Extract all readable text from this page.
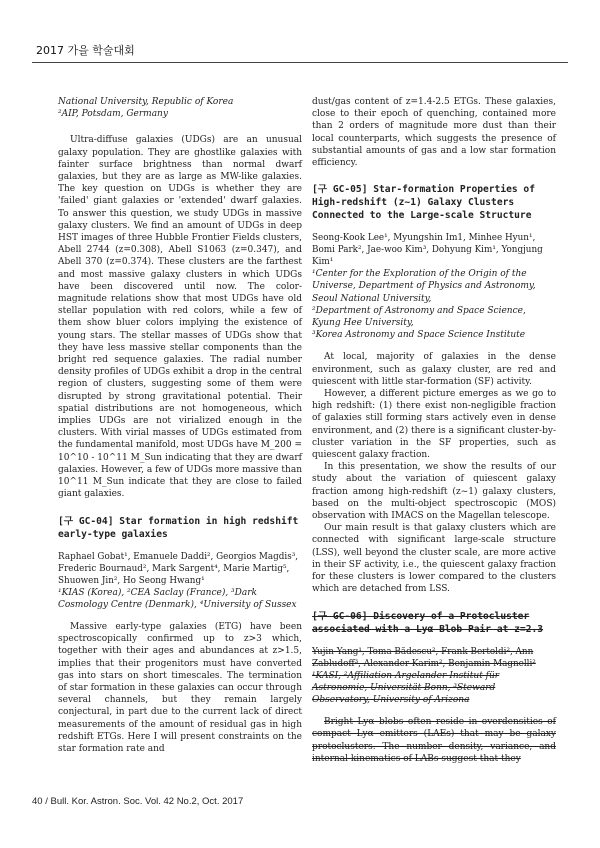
2017 가을 학술대회

National University, Republic of Korea

²AIP, Potsdam, Germany

Ultra-diffuse galaxies (UDGs) are an unusual galaxy population. They are ghostlike galaxies with fainter surface brightness than normal dwarf galaxies, but they are as large as MW-like galaxies. The key question on UDGs is whether they are 'failed' giant galaxies or 'extended' dwarf galaxies. To answer this question, we study UDGs in massive galaxy clusters. We find an amount of UDGs in deep HST images of three Hubble Frontier Fields clusters, Abell 2744 (z=0.308), Abell S1063 (z=0.347), and Abell 370 (z=0.374). These clusters are the farthest and most massive galaxy clusters in which UDGs have been discovered until now. The color-magnitude relations show that most UDGs have old stellar population with red colors, while a few of them show bluer colors implying the existence of young stars. The stellar masses of UDGs show that they have less massive stellar components than the bright red sequence galaxies. The radial number density profiles of UDGs exhibit a drop in the central region of clusters, suggesting some of them were disrupted by strong gravitational potential. Their spatial distributions are not homogeneous, which implies UDGs are not virialized enough in the clusters. With virial masses of UDGs estimated from the fundamental manifold, most UDGs have M_200 = 10^10 - 10^11 M_Sun indicating that they are dwarf galaxies. However, a few of UDGs more massive than 10^11 M_Sun indicate that they are close to failed giant galaxies.

[구 GC-04] Star formation in high redshift early-type galaxies

Raphael Gobat¹, Emanuele Daddi², Georgios Magdis³, Frederic Bournaud², Mark Sargent⁴, Marie Martig⁵, Shuowen Jin², Ho Seong Hwang¹

¹KIAS (Korea), ²CEA Saclay (France), ³Dark Cosmology Centre (Denmark), ⁴University of Sussex

Massive early-type galaxies (ETG) have been spectroscopically confirmed up to z>3 which, together with their ages and abundances at z>1.5, implies that their progenitors must have converted gas into stars on short timescales. The termination of star formation in these galaxies can occur through several channels, but they remain largely conjectural, in part due to the current lack of direct measurements of the amount of residual gas in high redshift ETGs. Here I will present constraints on the star formation rate and

dust/gas content of z=1.4-2.5 ETGs. These galaxies, close to their epoch of quenching, contained more than 2 orders of magnitude more dust than their local counterparts, which suggests the presence of substantial amounts of gas and a low star formation efficiency.

[구 GC-05] Star-formation Properties of High-redshift (z~1) Galaxy Clusters Connected to the Large-scale Structure

Seong-Kook Lee¹, Myungshin Im1, Minhee Hyun¹, Bomi Park², Jae-woo Kim³, Dohyung Kim¹, Yongjung Kim¹

¹Center for the Exploration of the Origin of the Universe, Department of Physics and Astronomy, Seoul National University,

²Department of Astronomy and Space Science, Kyung Hee University,

³Korea Astronomy and Space Science Institute

At local, majority of galaxies in the dense environment, such as galaxy cluster, are red and quiescent with little star-formation (SF) activity.

However, a different picture emerges as we go to high redshift: (1) there exist non-negligible fraction of galaxies still forming stars actively even in dense environment, and (2) there is a significant cluster-by-cluster variation in the SF properties, such as quiescent galaxy fraction.

In this presentation, we show the results of our study about the variation of quiescent galaxy fraction among high-redshift (z~1) galaxy clusters, based on the multi-object spectroscopic (MOS) observation with IMACS on the Magellan telescope.

Our main result is that galaxy clusters which are connected with significant large-scale structure (LSS), well beyond the cluster scale, are more active in their SF activity, i.e., the quiescent galaxy fraction for these clusters is lower compared to the clusters which are detached from LSS.

[구 GC-06] Discovery of a Protocluster associated with a Lyα Blob Pair at z=2.3

Yujin Yang¹, Toma Bădescu², Frank Bertoldi², Ann Zabludoff³, Alexander Karim², Benjamin Magnelli²

¹KASI, ²Affiliation Argelander-Institut für Astronomie, Universität Bonn, ³Steward Observatory, University of Arizona

Bright Lyα blobs often reside in overdensities of compact Lyα emitters (LAEs) that may be galaxy protoclusters. The number density, variance, and internal kinematics of LABs suggest that they

40 / Bull. Kor. Astron. Soc. Vol. 42 No.2, Oct. 2017
